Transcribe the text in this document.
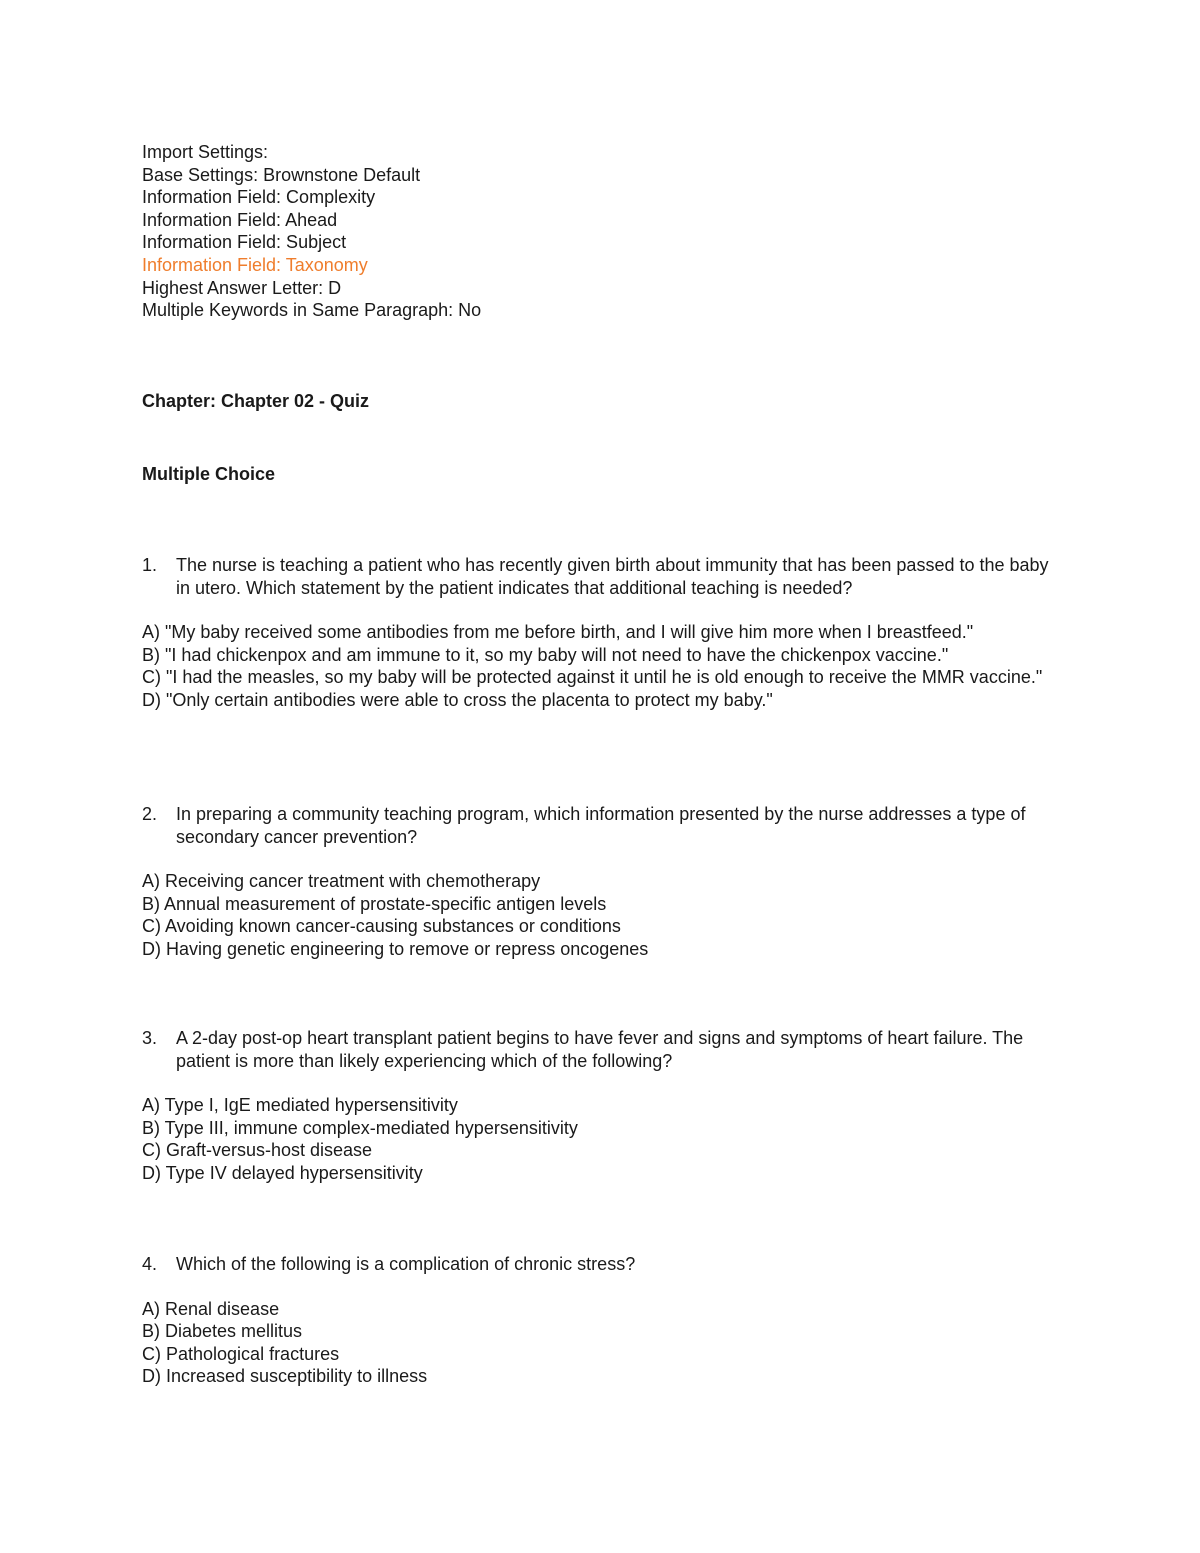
Import Settings:
Base Settings: Brownstone Default
Information Field: Complexity
Information Field: Ahead
Information Field: Subject
Information Field: Taxonomy
Highest Answer Letter: D
Multiple Keywords in Same Paragraph: No
Chapter: Chapter 02 - Quiz
Multiple Choice
1. The nurse is teaching a patient who has recently given birth about immunity that has been passed to the baby in utero. Which statement by the patient indicates that additional teaching is needed?
A) "My baby received some antibodies from me before birth, and I will give him more when I breastfeed."
B) "I had chickenpox and am immune to it, so my baby will not need to have the chickenpox vaccine."
C) "I had the measles, so my baby will be protected against it until he is old enough to receive the MMR vaccine."
D) "Only certain antibodies were able to cross the placenta to protect my baby."
2. In preparing a community teaching program, which information presented by the nurse addresses a type of secondary cancer prevention?
A) Receiving cancer treatment with chemotherapy
B) Annual measurement of prostate-specific antigen levels
C) Avoiding known cancer-causing substances or conditions
D) Having genetic engineering to remove or repress oncogenes
3. A 2-day post-op heart transplant patient begins to have fever and signs and symptoms of heart failure. The patient is more than likely experiencing which of the following?
A) Type I, IgE mediated hypersensitivity
B) Type III, immune complex-mediated hypersensitivity
C) Graft-versus-host disease
D) Type IV delayed hypersensitivity
4. Which of the following is a complication of chronic stress?
A) Renal disease
B) Diabetes mellitus
C) Pathological fractures
D) Increased susceptibility to illness
